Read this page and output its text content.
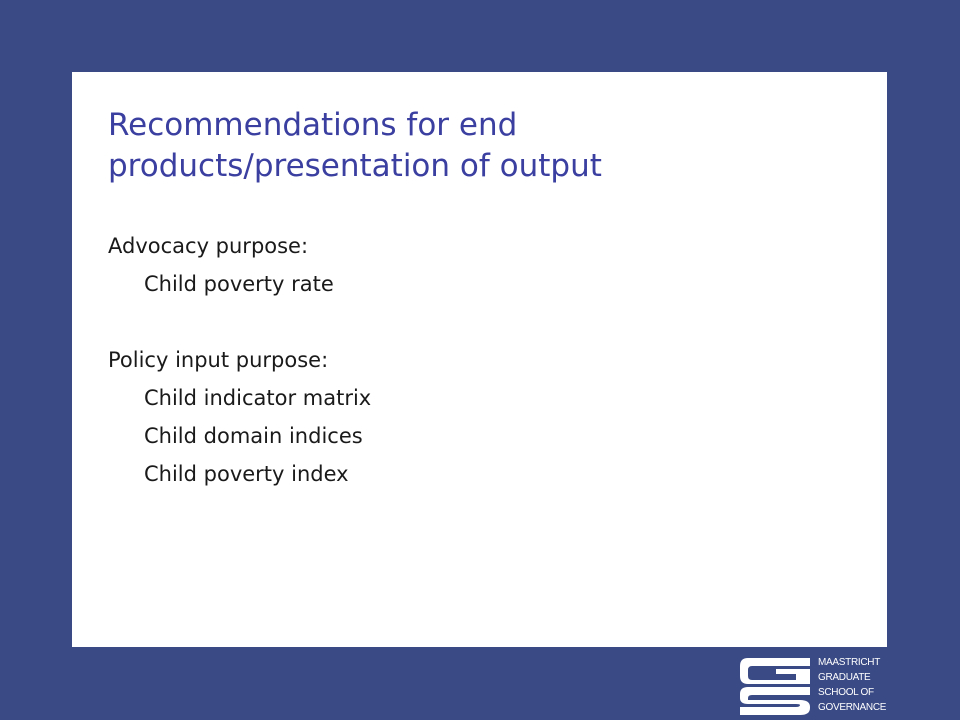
Recommendations for end
products/presentation of output
Advocacy purpose:
Child poverty rate
Policy input purpose:
Child indicator matrix
Child domain indices
Child poverty index
MAASTRICHT
GRADUATE
SCHOOL OF
GOVERNANCE
